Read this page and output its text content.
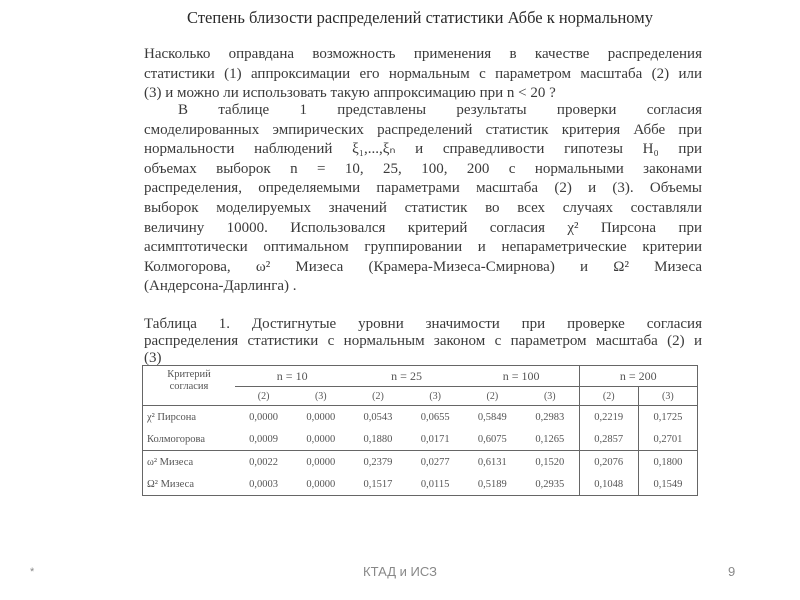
Степень близости распределений статистики Аббе к нормальному
Насколько оправдана возможность применения в качестве распределения
статистики (1) аппроксимации его нормальным с параметром масштаба (2) или
(3) и можно ли использовать такую аппроксимацию при n < 20 ?
В таблице 1 представлены результаты проверки согласия
смоделированных эмпирических распределений статистик критерия Аббе при
нормальности наблюдений ξ₁,...,ξₙ и справедливости гипотезы H₀ при
объемах выборок n = 10, 25, 100, 200 с нормальными законами
распределения, определяемыми параметрами масштаба (2) и (3). Объемы
выборок моделируемых значений статистик во всех случаях составляли
величину 10000. Использовался критерий согласия χ² Пирсона при
асимптотически оптимальном группировании и непараметрические критерии
Колмогорова, ω² Мизеса (Крамера-Мизеса-Смирнова) и Ω² Мизеса
(Андерсона-Дарлинга) .
Таблица 1. Достигнутые уровни значимости при проверке согласия
распределения статистики с нормальным законом с параметром масштаба (2) и
(3)
Критерий
согласия	n = 10		n = 25		n = 100		n = 200	
	(2)	(3)	(2)	(3)	(2)	(3)	(2)	(3)
χ² Пирсона	0,0000	0,0000	0,0543	0,0655	0,5849	0,2983	0,2219	0,1725
Колмогорова	0,0009	0,0000	0,1880	0,0171	0,6075	0,1265	0,2857	0,2701
ω² Мизеса	0,0022	0,0000	0,2379	0,0277	0,6131	0,1520	0,2076	0,1800
Ω² Мизеса	0,0003	0,0000	0,1517	0,0115	0,5189	0,2935	0,1048	0,1549
*	КТАД и ИСЗ	9
